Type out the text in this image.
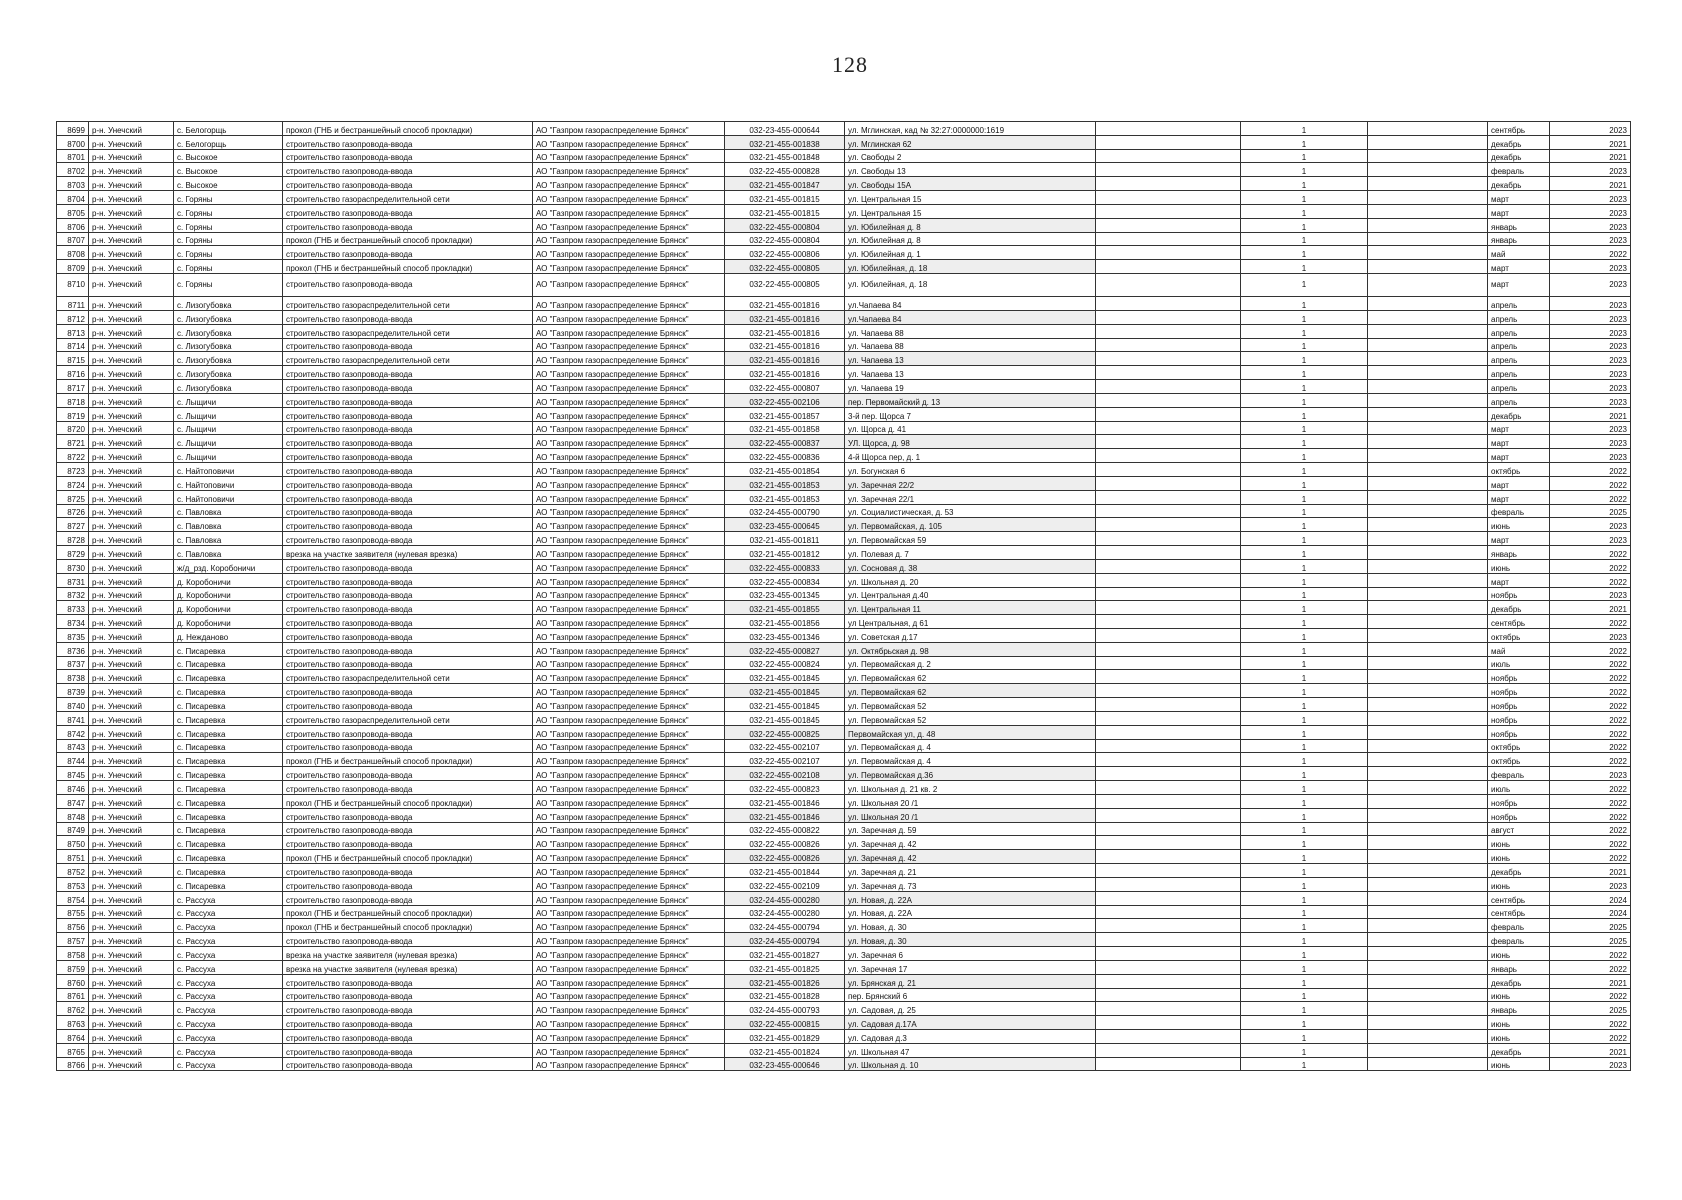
128
8699	р-н. Унечский	с. Белогорщь	прокол (ГНБ и бестраншейный способ прокладки)	АО "Газпром газораспределение Брянск"	032-23-455-000644	ул. Мглинская, кад № 32:27:0000000:1619		1		сентябрь	2023
8700	р-н. Унечский	с. Белогорщь	строительство газопровода-ввода	АО "Газпром газораспределение Брянск"	032-21-455-001838	ул. Мглинская 62		1		декабрь	2021
8701	р-н. Унечский	с. Высокое	строительство газопровода-ввода	АО "Газпром газораспределение Брянск"	032-21-455-001848	ул. Свободы 2		1		декабрь	2021
8702	р-н. Унечский	с. Высокое	строительство газопровода-ввода	АО "Газпром газораспределение Брянск"	032-22-455-000828	ул. Свободы 13		1		февраль	2023
8703	р-н. Унечский	с. Высокое	строительство газопровода-ввода	АО "Газпром газораспределение Брянск"	032-21-455-001847	ул. Свободы 15А		1		декабрь	2021
8704	р-н. Унечский	с. Горяны	строительство газораспределительной сети	АО "Газпром газораспределение Брянск"	032-21-455-001815	ул. Центральная 15		1		март	2023
8705	р-н. Унечский	с. Горяны	строительство газопровода-ввода	АО "Газпром газораспределение Брянск"	032-21-455-001815	ул. Центральная 15		1		март	2023
8706	р-н. Унечский	с. Горяны	строительство газопровода-ввода	АО "Газпром газораспределение Брянск"	032-22-455-000804	ул. Юбилейная д. 8		1		январь	2023
8707	р-н. Унечский	с. Горяны	прокол (ГНБ и бестраншейный способ прокладки)	АО "Газпром газораспределение Брянск"	032-22-455-000804	ул. Юбилейная д. 8		1		январь	2023
8708	р-н. Унечский	с. Горяны	строительство газопровода-ввода	АО "Газпром газораспределение Брянск"	032-22-455-000806	ул. Юбилейная д. 1		1		май	2022
8709	р-н. Унечский	с. Горяны	прокол (ГНБ и бестраншейный способ прокладки)	АО "Газпром газораспределение Брянск"	032-22-455-000805	ул. Юбилейная, д. 18		1		март	2023
8710	р-н. Унечский	с. Горяны	строительство газопровода-ввода	АО "Газпром газораспределение Брянск"	032-22-455-000805	ул. Юбилейная, д. 18		1		март	2023
8711	р-н. Унечский	с. Лизогубовка	строительство газораспределительной сети	АО "Газпром газораспределение Брянск"	032-21-455-001816	ул.Чапаева 84		1		апрель	2023
8712	р-н. Унечский	с. Лизогубовка	строительство газопровода-ввода	АО "Газпром газораспределение Брянск"	032-21-455-001816	ул.Чапаева 84		1		апрель	2023
8713	р-н. Унечский	с. Лизогубовка	строительство газораспределительной сети	АО "Газпром газораспределение Брянск"	032-21-455-001816	ул. Чапаева 88		1		апрель	2023
8714	р-н. Унечский	с. Лизогубовка	строительство газопровода-ввода	АО "Газпром газораспределение Брянск"	032-21-455-001816	ул. Чапаева 88		1		апрель	2023
8715	р-н. Унечский	с. Лизогубовка	строительство газораспределительной сети	АО "Газпром газораспределение Брянск"	032-21-455-001816	ул. Чапаева 13		1		апрель	2023
8716	р-н. Унечский	с. Лизогубовка	строительство газопровода-ввода	АО "Газпром газораспределение Брянск"	032-21-455-001816	ул. Чапаева 13		1		апрель	2023
8717	р-н. Унечский	с. Лизогубовка	строительство газопровода-ввода	АО "Газпром газораспределение Брянск"	032-22-455-000807	ул. Чапаева 19		1		апрель	2023
8718	р-н. Унечский	с. Лыщичи	строительство газопровода-ввода	АО "Газпром газораспределение Брянск"	032-22-455-002106	пер. Первомайский д. 13		1		апрель	2023
8719	р-н. Унечский	с. Лыщичи	строительство газопровода-ввода	АО "Газпром газораспределение Брянск"	032-21-455-001857	3-й пер. Щорса 7		1		декабрь	2021
8720	р-н. Унечский	с. Лыщичи	строительство газопровода-ввода	АО "Газпром газораспределение Брянск"	032-21-455-001858	ул. Щорса д. 41		1		март	2023
8721	р-н. Унечский	с. Лыщичи	строительство газопровода-ввода	АО "Газпром газораспределение Брянск"	032-22-455-000837	УЛ. Щорса, д. 98		1		март	2023
8722	р-н. Унечский	с. Лыщичи	строительство газопровода-ввода	АО "Газпром газораспределение Брянск"	032-22-455-000836	4-й Щорса пер, д. 1		1		март	2023
8723	р-н. Унечский	с. Найтоповичи	строительство газопровода-ввода	АО "Газпром газораспределение Брянск"	032-21-455-001854	ул. Богунская 6		1		октябрь	2022
8724	р-н. Унечский	с. Найтоповичи	строительство газопровода-ввода	АО "Газпром газораспределение Брянск"	032-21-455-001853	ул. Заречная 22/2		1		март	2022
8725	р-н. Унечский	с. Найтоповичи	строительство газопровода-ввода	АО "Газпром газораспределение Брянск"	032-21-455-001853	ул. Заречная 22/1		1		март	2022
8726	р-н. Унечский	с. Павловка	строительство газопровода-ввода	АО "Газпром газораспределение Брянск"	032-24-455-000790	ул. Социалистическая, д. 53		1		февраль	2025
8727	р-н. Унечский	с. Павловка	строительство газопровода-ввода	АО "Газпром газораспределение Брянск"	032-23-455-000645	ул. Первомайская, д. 105		1		июнь	2023
8728	р-н. Унечский	с. Павловка	строительство газопровода-ввода	АО "Газпром газораспределение Брянск"	032-21-455-001811	ул. Первомайская 59		1		март	2023
8729	р-н. Унечский	с. Павловка	врезка на участке заявителя (нулевая врезка)	АО "Газпром газораспределение Брянск"	032-21-455-001812	ул. Полевая д. 7		1		январь	2022
8730	р-н. Унечский	ж/д_рзд. Коробоничи	строительство газопровода-ввода	АО "Газпром газораспределение Брянск"	032-22-455-000833	ул. Сосновая д. 38		1		июнь	2022
8731	р-н. Унечский	д. Коробоничи	строительство газопровода-ввода	АО "Газпром газораспределение Брянск"	032-22-455-000834	ул. Школьная д. 20		1		март	2022
8732	р-н. Унечский	д. Коробоничи	строительство газопровода-ввода	АО "Газпром газораспределение Брянск"	032-23-455-001345	ул. Центральная д.40		1		ноябрь	2023
8733	р-н. Унечский	д. Коробоничи	строительство газопровода-ввода	АО "Газпром газораспределение Брянск"	032-21-455-001855	ул. Центральная 11		1		декабрь	2021
8734	р-н. Унечский	д. Коробоничи	строительство газопровода-ввода	АО "Газпром газораспределение Брянск"	032-21-455-001856	ул Центральная, д 61		1		сентябрь	2022
8735	р-н. Унечский	д. Нежданово	строительство газопровода-ввода	АО "Газпром газораспределение Брянск"	032-23-455-001346	ул. Советская д.17		1		октябрь	2023
8736	р-н. Унечский	с. Писаревка	строительство газопровода-ввода	АО "Газпром газораспределение Брянск"	032-22-455-000827	ул. Октябрьская д. 98		1		май	2022
8737	р-н. Унечский	с. Писаревка	строительство газопровода-ввода	АО "Газпром газораспределение Брянск"	032-22-455-000824	ул. Первомайская д. 2		1		июль	2022
8738	р-н. Унечский	с. Писаревка	строительство газораспределительной сети	АО "Газпром газораспределение Брянск"	032-21-455-001845	ул. Первомайская 62		1		ноябрь	2022
8739	р-н. Унечский	с. Писаревка	строительство газопровода-ввода	АО "Газпром газораспределение Брянск"	032-21-455-001845	ул. Первомайская 62		1		ноябрь	2022
8740	р-н. Унечский	с. Писаревка	строительство газопровода-ввода	АО "Газпром газораспределение Брянск"	032-21-455-001845	ул. Первомайская 52		1		ноябрь	2022
8741	р-н. Унечский	с. Писаревка	строительство газораспределительной сети	АО "Газпром газораспределение Брянск"	032-21-455-001845	ул. Первомайская 52		1		ноябрь	2022
8742	р-н. Унечский	с. Писаревка	строительство газопровода-ввода	АО "Газпром газораспределение Брянск"	032-22-455-000825	Первомайская ул, д. 48		1		ноябрь	2022
8743	р-н. Унечский	с. Писаревка	строительство газопровода-ввода	АО "Газпром газораспределение Брянск"	032-22-455-002107	ул. Первомайская д. 4		1		октябрь	2022
8744	р-н. Унечский	с. Писаревка	прокол (ГНБ и бестраншейный способ прокладки)	АО "Газпром газораспределение Брянск"	032-22-455-002107	ул. Первомайская д. 4		1		октябрь	2022
8745	р-н. Унечский	с. Писаревка	строительство газопровода-ввода	АО "Газпром газораспределение Брянск"	032-22-455-002108	ул. Первомайская д.36		1		февраль	2023
8746	р-н. Унечский	с. Писаревка	строительство газопровода-ввода	АО "Газпром газораспределение Брянск"	032-22-455-000823	ул. Школьная д. 21 кв. 2		1		июль	2022
8747	р-н. Унечский	с. Писаревка	прокол (ГНБ и бестраншейный способ прокладки)	АО "Газпром газораспределение Брянск"	032-21-455-001846	ул. Школьная 20 /1		1		ноябрь	2022
8748	р-н. Унечский	с. Писаревка	строительство газопровода-ввода	АО "Газпром газораспределение Брянск"	032-21-455-001846	ул. Школьная 20 /1		1		ноябрь	2022
8749	р-н. Унечский	с. Писаревка	строительство газопровода-ввода	АО "Газпром газораспределение Брянск"	032-22-455-000822	ул. Заречная д. 59		1		август	2022
8750	р-н. Унечский	с. Писаревка	строительство газопровода-ввода	АО "Газпром газораспределение Брянск"	032-22-455-000826	ул. Заречная д. 42		1		июнь	2022
8751	р-н. Унечский	с. Писаревка	прокол (ГНБ и бестраншейный способ прокладки)	АО "Газпром газораспределение Брянск"	032-22-455-000826	ул. Заречная д. 42		1		июнь	2022
8752	р-н. Унечский	с. Писаревка	строительство газопровода-ввода	АО "Газпром газораспределение Брянск"	032-21-455-001844	ул. Заречная д. 21		1		декабрь	2021
8753	р-н. Унечский	с. Писаревка	строительство газопровода-ввода	АО "Газпром газораспределение Брянск"	032-22-455-002109	ул. Заречная д. 73		1		июнь	2023
8754	р-н. Унечский	с. Рассуха	строительство газопровода-ввода	АО "Газпром газораспределение Брянск"	032-24-455-000280	ул. Новая, д. 22А		1		сентябрь	2024
8755	р-н. Унечский	с. Рассуха	прокол (ГНБ и бестраншейный способ прокладки)	АО "Газпром газораспределение Брянск"	032-24-455-000280	ул. Новая, д. 22А		1		сентябрь	2024
8756	р-н. Унечский	с. Рассуха	прокол (ГНБ и бестраншейный способ прокладки)	АО "Газпром газораспределение Брянск"	032-24-455-000794	ул. Новая, д. 30		1		февраль	2025
8757	р-н. Унечский	с. Рассуха	строительство газопровода-ввода	АО "Газпром газораспределение Брянск"	032-24-455-000794	ул. Новая, д. 30		1		февраль	2025
8758	р-н. Унечский	с. Рассуха	врезка на участке заявителя (нулевая врезка)	АО "Газпром газораспределение Брянск"	032-21-455-001827	ул. Заречная 6		1		июнь	2022
8759	р-н. Унечский	с. Рассуха	врезка на участке заявителя (нулевая врезка)	АО "Газпром газораспределение Брянск"	032-21-455-001825	ул. Заречная 17		1		январь	2022
8760	р-н. Унечский	с. Рассуха	строительство газопровода-ввода	АО "Газпром газораспределение Брянск"	032-21-455-001826	ул. Брянская д. 21		1		декабрь	2021
8761	р-н. Унечский	с. Рассуха	строительство газопровода-ввода	АО "Газпром газораспределение Брянск"	032-21-455-001828	пер. Брянский 6		1		июнь	2022
8762	р-н. Унечский	с. Рассуха	строительство газопровода-ввода	АО "Газпром газораспределение Брянск"	032-24-455-000793	ул. Садовая, д. 25		1		январь	2025
8763	р-н. Унечский	с. Рассуха	строительство газопровода-ввода	АО "Газпром газораспределение Брянск"	032-22-455-000815	ул. Садовая д.17А		1		июнь	2022
8764	р-н. Унечский	с. Рассуха	строительство газопровода-ввода	АО "Газпром газораспределение Брянск"	032-21-455-001829	ул. Садовая д.3		1		июнь	2022
8765	р-н. Унечский	с. Рассуха	строительство газопровода-ввода	АО "Газпром газораспределение Брянск"	032-21-455-001824	ул. Школьная 47		1		декабрь	2021
8766	р-н. Унечский	с. Рассуха	строительство газопровода-ввода	АО "Газпром газораспределение Брянск"	032-23-455-000646	ул. Школьная д. 10		1		июнь	2023
